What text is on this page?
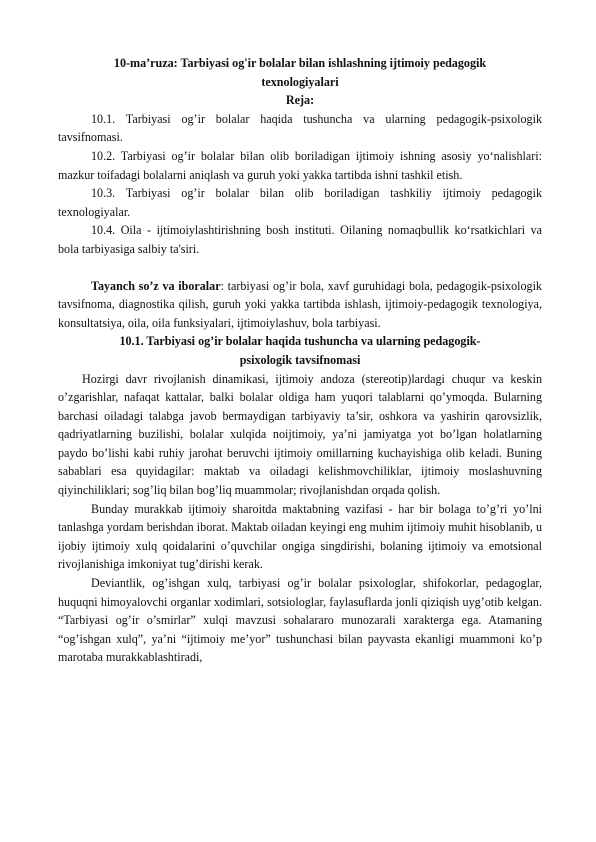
10-ma’ruza: Tarbiyasi og'ir bolalar bilan ishlashning ijtimoiy pedagogik
texnologiyalari
Reja:

10.1. Tarbiyasi og’ir bolalar haqida tushuncha va ularning pedagogik-psixologik tavsifnomasi.

10.2. Tarbiyasi og’ir bolalar bilan olib boriladigan ijtimoiy ishning asosiy yo‘nalishlari: mazkur toifadagi bolalarni aniqlash va guruh yoki yakka tartibda ishni tashkil etish.

10.3. Tarbiyasi og’ir bolalar bilan olib boriladigan tashkiliy ijtimoiy pedagogik texnologiyalar.

10.4. Oila - ijtimoiylashtirishning bosh instituti. Oilaning nomaqbullik ko‘rsatkichlari va bola tarbiyasiga salbiy ta'siri.

Tayanch so’z va iboralar: tarbiyasi og’ir bola, xavf guruhidagi bola, pedagogik-psixologik tavsifnoma, diagnostika qilish, guruh yoki yakka tartibda ishlash, ijtimoiy-pedagogik texnologiya, konsultatsiya, oila, oila funksiyalari, ijtimoiylashuv, bola tarbiyasi.

10.1. Tarbiyasi og’ir bolalar haqida tushuncha va ularning pedagogik-
psixologik tavsifnomasi

Hozirgi davr rivojlanish dinamikasi, ijtimoiy andoza (stereotip)lardagi chuqur va keskin o’zgarishlar, nafaqat kattalar, balki bolalar oldiga ham yuqori talablarni qo’ymoqda. Bularning barchasi oiladagi talabga javob bermaydigan tarbiyaviy ta’sir, oshkora va yashirin qarovsizlik, qadriyatlarning buzilishi, bolalar xulqida noijtimoiy, ya’ni jamiyatga yot bo’lgan holatlarning paydo bo’lishi kabi ruhiy jarohat beruvchi ijtimoiy omillarning kuchayishiga olib keladi. Buning sabablari esa quyidagilar: maktab va oiladagi kelishmovchiliklar, ijtimoiy moslashuvning qiyinchiliklari; sog’liq bilan bog’liq muammolar; rivojlanishdan orqada qolish.

Bunday murakkab ijtimoiy sharoitda maktabning vazifasi - har bir bolaga to’g’ri yo’lni tanlashga yordam berishdan iborat. Maktab oiladan keyingi eng muhim ijtimoiy muhit hisoblanib, u ijobiy ijtimoiy xulq qoidalarini o’quvchilar ongiga singdirishi, bolaning ijtimoiy va emotsional rivojlanishiga imkoniyat tug’dirishi kerak.

Deviantlik, og’ishgan xulq, tarbiyasi og’ir bolalar psixologlar, shifokorlar, pedagoglar, huquqni himoyalovchi organlar xodimlari, sotsiologlar, faylasuflarda jonli qiziqish uyg’otib kelgan. “Tarbiyasi og’ir o’smirlar” xulqi mavzusi sohalararo munozarali xarakterga ega. Atamaning “og’ishgan xulq”, ya’ni “ijtimoiy me’yor” tushunchasi bilan payvasta ekanligi muammoni ko’p marotaba murakkablashtiradi,
